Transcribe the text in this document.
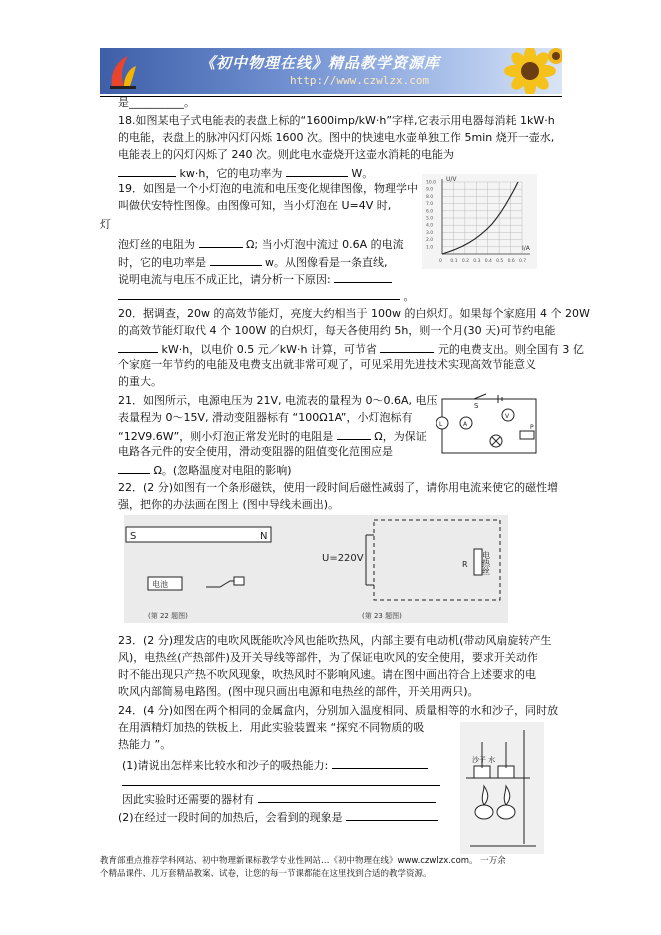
《初中物理在线》精品教学资源库
http://www.czwlzx.com
是__________。
18.如图某电子式电能表的表盘上标的“1600imp/kW·h”字样,它表示用电器每消耗 1kW·h
的电能，表盘上的脉冲闪灯闪烁 1600 次。图中的快速电水壶单独工作 5min 烧开一壶水,
电能表上的闪灯闪烁了 240 次。则此电水壶烧开这壶水消耗的电能为
kw·h，它的电功率为	W。
19．如图是一个小灯泡的电流和电压变化规律图像，物理学中
叫做伏安特性图像。由图像可知，当小灯泡在 U=4V 时,
灯
泡灯丝的电阻为	Ω; 当小灯泡中流过 0.6A 的电流
时，它的电功率是	w。从图像看是一条直线,
说明电流与电压不成正比，请分析一下原因:
。
20．据调查，20w 的高效节能灯，亮度大约相当于 100w 的白炽灯。如果每个家庭用 4 个 20W
的高效节能灯取代 4 个 100W 的白炽灯，每天各使用约 5h，则一个月(30 天)可节约电能
kW·h，以电价 0.5 元／kW·h 计算，可节省	元的电费支出。则全国有 3 亿
个家庭一年节约的电能及电费支出就非常可观了，可见采用先进技术实现高效节能意义
的重大。
21．如图所示，电源电压为 21V, 电流表的量程为 0～0.6A, 电压
表量程为 0～15V, 滑动变阻器标有 “100Ω1A”，小灯泡标有
“12V9.6W”，则小灯泡正常发光时的电阻是	Ω，为保证
电路各元件的安全使用，滑动变阻器的阻值变化范围应是
Ω。(忽略温度对电阻的影响)
22．(2 分)如图有一个条形磁铁，使用一段时间后磁性减弱了，请你用电流来使它的磁性增
强，把你的办法画在图上 (图中导线未画出)。
23．(2 分)理发店的电吹风既能吹冷风也能吹热风，内部主要有电动机(带动风扇旋转产生
风)，电热丝(产热部件)及开关导线等部件，为了保证电吹风的安全使用，要求开关动作
时不能出现只产热不吹风现象，吹热风时不影响风速。请在图中画出符合上述要求的电
吹风内部简易电路图。(图中现只画出电源和电热丝的部件，开关用两只)。
24．(4 分)如图在两个相同的金属盒内，分别加入温度相同、质量相等的水和沙子，同时放
在用酒精灯加热的铁板上．用此实验装置来 “探究不同物质的吸
热能力 ”。
(1)请说出怎样来比较水和沙子的吸热能力:
因此实验时还需要的器材有
(2)在经过一段时间的加热后，会看到的现象是
U/V
I/A
10.0
9.0
8.0
7.0
6.0
5.0
4.0
3.0
2.0
1.0
0 0.1 0.2 0.3 0.4 0.5 0.6 0.7
S
L	A
V
P
S	N
电池
(第 22 题图)
U=220V
R 电热丝
(第 23 题图)
沙子 水
教育部重点推荐学科网站、初中物理新课标教学专业性网站…《初中物理在线》www.czwlzx.com。 一万余
个精品课件、几万套精品教案、试卷，让您的每一节课都能在这里找到合适的教学资源。
